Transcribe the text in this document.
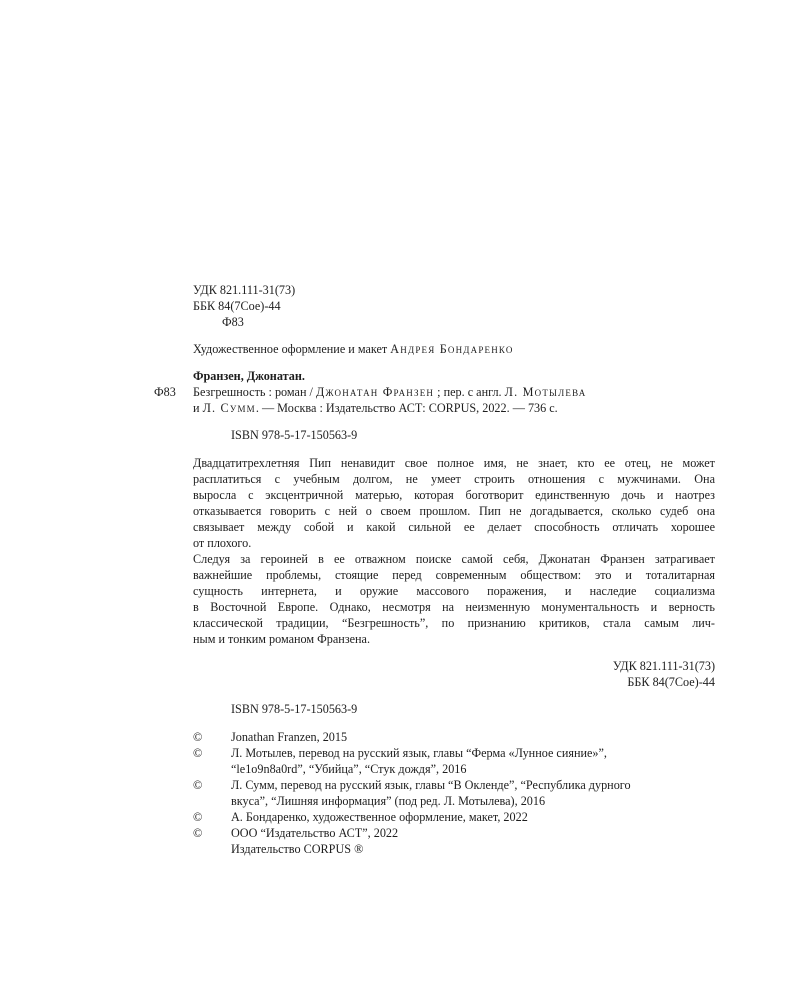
УДК 821.111-31(73)
ББК 84(7Сое)-44
Ф83
Художественное оформление и макет Андрея Бондаренко
Франзен, Джонатан.
Ф83 Безгрешность : роман / Джонатан Франзен ; пер. с англ. Л. Мотылева
и Л. Сумм. — Москва : Издательство АСТ: CORPUS, 2022. — 736 с.
ISBN 978-5-17-150563-9
Двадцатитрехлетняя Пип ненавидит свое полное имя, не знает, кто ее отец, не может
расплатиться с учебным долгом, не умеет строить отношения с мужчинами. Она
выросла с эксцентричной матерью, которая боготворит единственную дочь и наотрез
отказывается говорить с ней о своем прошлом. Пип не догадывается, сколько судеб она
связывает между собой и какой сильной ее делает способность отличать хорошее
от плохого.
Следуя за героиней в ее отважном поиске самой себя, Джонатан Франзен затрагивает
важнейшие проблемы, стоящие перед современным обществом: это и тоталитарная
сущность интернета, и оружие массового поражения, и наследие социализма
в Восточной Европе. Однако, несмотря на неизменную монументальность и верность
классической традиции, “Безгрешность”, по признанию критиков, стала самым лич-
ным и тонким романом Франзена.
УДК 821.111-31(73)
ББК 84(7Сое)-44
ISBN 978-5-17-150563-9
© Jonathan Franzen, 2015
© Л. Мотылев, перевод на русский язык, главы “Ферма «Лунное сияние»”,
“le1o9n8a0rd”, “Убийца”, “Стук дождя”, 2016
© Л. Сумм, перевод на русский язык, главы “В Окленде”, “Республика дурного
вкуса”, “Лишняя информация” (под ред. Л. Мотылева), 2016
© А. Бондаренко, художественное оформление, макет, 2022
© ООО “Издательство АСТ”, 2022
Издательство CORPUS ®
